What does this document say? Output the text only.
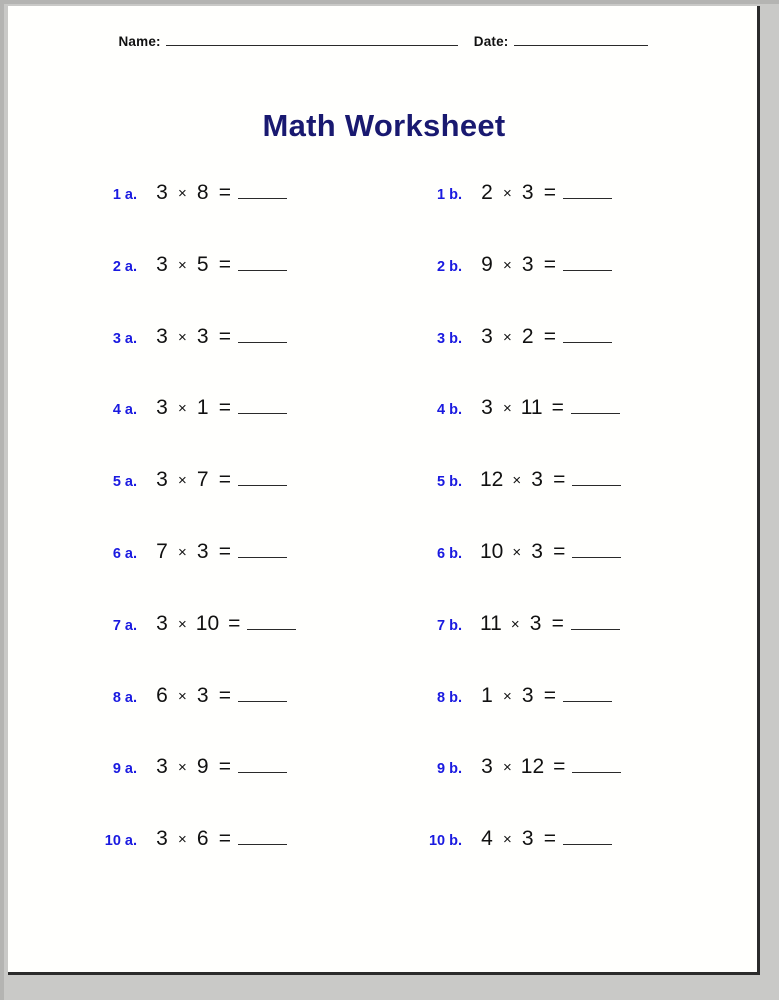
Name:	Date:
Math Worksheet
1 a. 3 × 8 =	1 b. 2 × 3 =
2 a. 3 × 5 =	2 b. 9 × 3 =
3 a. 3 × 3 =	3 b. 3 × 2 =
4 a. 3 × 1 =	4 b. 3 × 11 =
5 a. 3 × 7 =	5 b. 12 × 3 =
6 a. 7 × 3 =	6 b. 10 × 3 =
7 a. 3 × 10 =	7 b. 11 × 3 =
8 a. 6 × 3 =	8 b. 1 × 3 =
9 a. 3 × 9 =	9 b. 3 × 12 =
10 a. 3 × 6 =	10 b. 4 × 3 =
